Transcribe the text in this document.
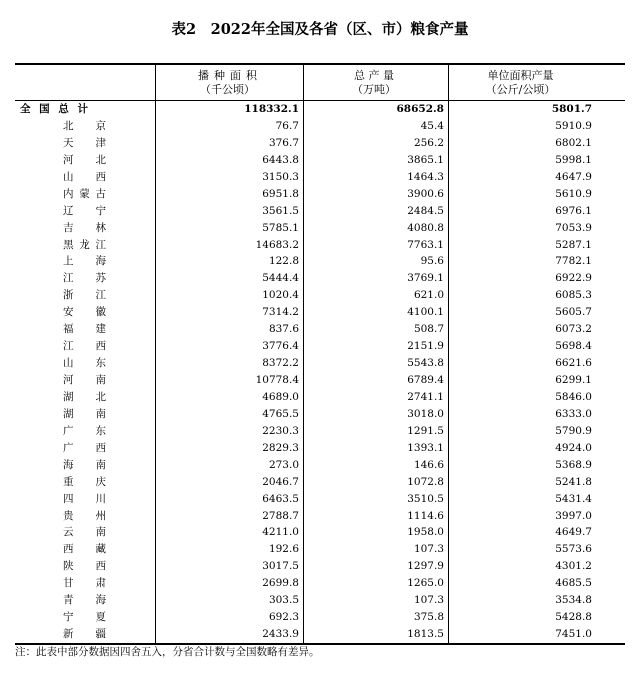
表2　2022年全国及各省（区、市）粮食产量
播种面积
（千公顷）
总 产 量
（万吨）
单位面积产量
（公斤/公顷）
全国总计	118332.1	68652.8	5801.7
北京	76.7	45.4	5910.9
天津	376.7	256.2	6802.1
河北	6443.8	3865.1	5998.1
山西	3150.3	1464.3	4647.9
内蒙古	6951.8	3900.6	5610.9
辽宁	3561.5	2484.5	6976.1
吉林	5785.1	4080.8	7053.9
黑龙江	14683.2	7763.1	5287.1
上海	122.8	95.6	7782.1
江苏	5444.4	3769.1	6922.9
浙江	1020.4	621.0	6085.3
安徽	7314.2	4100.1	5605.7
福建	837.6	508.7	6073.2
江西	3776.4	2151.9	5698.4
山东	8372.2	5543.8	6621.6
河南	10778.4	6789.4	6299.1
湖北	4689.0	2741.1	5846.0
湖南	4765.5	3018.0	6333.0
广东	2230.3	1291.5	5790.9
广西	2829.3	1393.1	4924.0
海南	273.0	146.6	5368.9
重庆	2046.7	1072.8	5241.8
四川	6463.5	3510.5	5431.4
贵州	2788.7	1114.6	3997.0
云南	4211.0	1958.0	4649.7
西藏	192.6	107.3	5573.6
陕西	3017.5	1297.9	4301.2
甘肃	2699.8	1265.0	4685.5
青海	303.5	107.3	3534.8
宁夏	692.3	375.8	5428.8
新疆	2433.9	1813.5	7451.0
注：此表中部分数据因四舍五入，分省合计数与全国数略有差异。
